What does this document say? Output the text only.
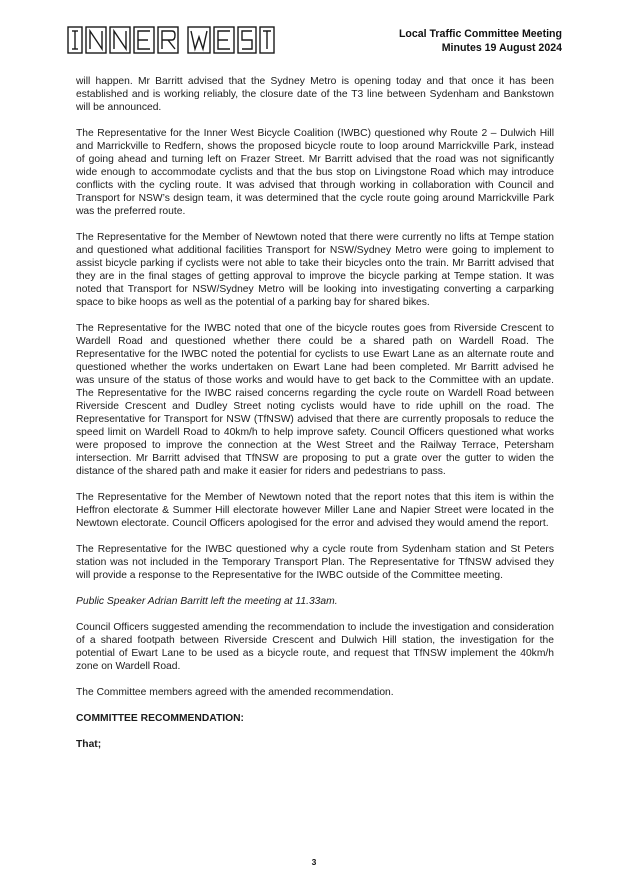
Local Traffic Committee Meeting
Minutes 19 August 2024

will happen. Mr Barritt advised that the Sydney Metro is opening today and that once it has been established and is working reliably, the closure date of the T3 line between Sydenham and Bankstown will be announced.

The Representative for the Inner West Bicycle Coalition (IWBC) questioned why Route 2 – Dulwich Hill and Marrickville to Redfern, shows the proposed bicycle route to loop around Marrickville Park, instead of going ahead and turning left on Frazer Street. Mr Barritt advised that the road was not significantly wide enough to accommodate cyclists and that the bus stop on Livingstone Road which may introduce conflicts with the cycling route. It was advised that through working in collaboration with Council and Transport for NSW’s design team, it was determined that the cycle route going around Marrickville Park was the preferred route.

The Representative for the Member of Newtown noted that there were currently no lifts at Tempe station and questioned what additional facilities Transport for NSW/Sydney Metro were going to implement to assist bicycle parking if cyclists were not able to take their bicycles onto the train. Mr Barritt advised that they are in the final stages of getting approval to improve the bicycle parking at Tempe station. It was noted that Transport for NSW/Sydney Metro will be looking into investigating converting a carparking space to bike hoops as well as the potential of a parking bay for shared bikes.

The Representative for the IWBC noted that one of the bicycle routes goes from Riverside Crescent to Wardell Road and questioned whether there could be a shared path on Wardell Road. The Representative for the IWBC noted the potential for cyclists to use Ewart Lane as an alternate route and questioned whether the works undertaken on Ewart Lane had been completed. Mr Barritt advised he was unsure of the status of those works and would have to get back to the Committee with an update. The Representative for the IWBC raised concerns regarding the cycle route on Wardell Road between Riverside Crescent and Dudley Street noting cyclists would have to ride uphill on the road. The Representative for Transport for NSW (TfNSW) advised that there are currently proposals to reduce the speed limit on Wardell Road to 40km/h to help improve safety. Council Officers questioned what works were proposed to improve the connection at the West Street and the Railway Terrace, Petersham intersection. Mr Barritt advised that TfNSW are proposing to put a grate over the gutter to widen the distance of the shared path and make it easier for riders and pedestrians to pass.

The Representative for the Member of Newtown noted that the report notes that this item is within the Heffron electorate & Summer Hill electorate however Miller Lane and Napier Street were located in the Newtown electorate. Council Officers apologised for the error and advised they would amend the report.

The Representative for the IWBC questioned why a cycle route from Sydenham station and St Peters station was not included in the Temporary Transport Plan. The Representative for TfNSW advised they will provide a response to the Representative for the IWBC outside of the Committee meeting.

Public Speaker Adrian Barritt left the meeting at 11.33am.

Council Officers suggested amending the recommendation to include the investigation and consideration of a shared footpath between Riverside Crescent and Dulwich Hill station, the investigation for the potential of Ewart Lane to be used as a bicycle route, and request that TfNSW implement the 40km/h zone on Wardell Road.

The Committee members agreed with the amended recommendation.

COMMITTEE RECOMMENDATION:

That;

3
